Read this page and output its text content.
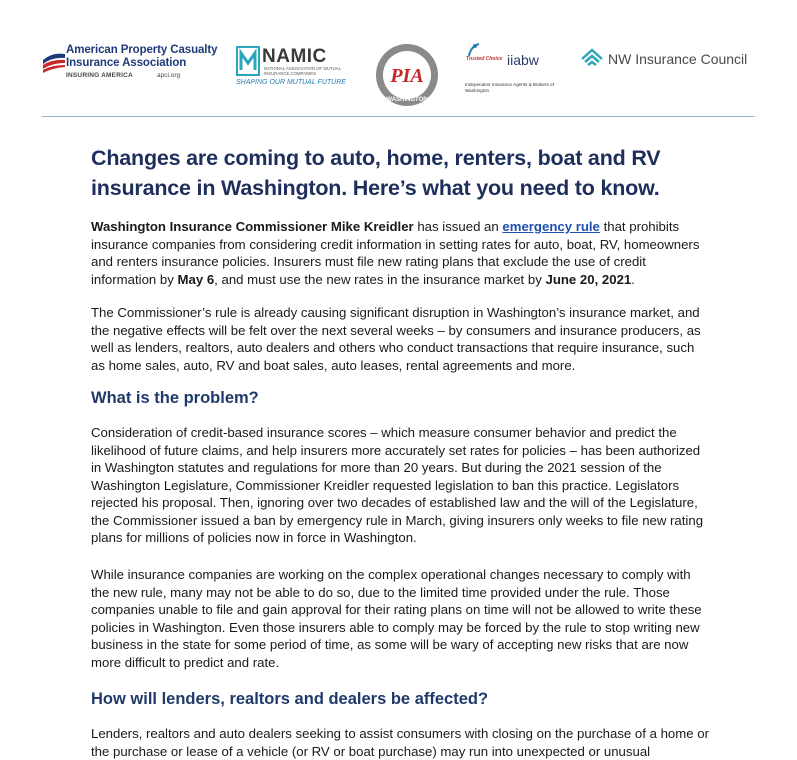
American Property Casualty
Insurance Association
INSURING AMERICA	apci.org
NAMIC
NATIONAL ASSOCIATION OF MUTUAL INSURANCE COMPANIES
SHAPING OUR MUTUAL FUTURE PIA
WASHINGTON
Trusted Choice iiabw
Independent Insurance Agents & Brokers of Washington
NW Insurance Council
Changes are coming to auto, home, renters, boat and RV insurance in Washington. Here’s what you need to know.

Washington Insurance Commissioner Mike Kreidler has issued an emergency rule that prohibits insurance companies from considering credit information in setting rates for auto, boat, RV, homeowners and renters insurance policies. Insurers must file new rating plans that exclude the use of credit information by May 6, and must use the new rates in the insurance market by June 20, 2021.

The Commissioner’s rule is already causing significant disruption in Washington’s insurance market, and the negative effects will be felt over the next several weeks – by consumers and insurance producers, as well as lenders, realtors, auto dealers and others who conduct transactions that require insurance, such as home sales, auto, RV and boat sales, auto leases, rental agreements and more.

What is the problem?

Consideration of credit-based insurance scores – which measure consumer behavior and predict the likelihood of future claims, and help insurers more accurately set rates for policies – has been authorized in Washington statutes and regulations for more than 20 years. But during the 2021 session of the Washington Legislature, Commissioner Kreidler requested legislation to ban this practice. Legislators rejected his proposal. Then, ignoring over two decades of established law and the will of the Legislature, the Commissioner issued a ban by emergency rule in March, giving insurers only weeks to file new rating plans for millions of policies now in force in Washington.

While insurance companies are working on the complex operational changes necessary to comply with the new rule, many may not be able to do so, due to the limited time provided under the rule. Those companies unable to file and gain approval for their rating plans on time will not be allowed to write these policies in Washington. Even those insurers able to comply may be forced by the rule to stop writing new business in the state for some period of time, as some will be wary of accepting new risks that are now more difficult to predict and rate.

How will lenders, realtors and dealers be affected?

Lenders, realtors and auto dealers seeking to assist consumers with closing on the purchase of a home or the purchase or lease of a vehicle (or RV or boat purchase) may run into unexpected or unusual
